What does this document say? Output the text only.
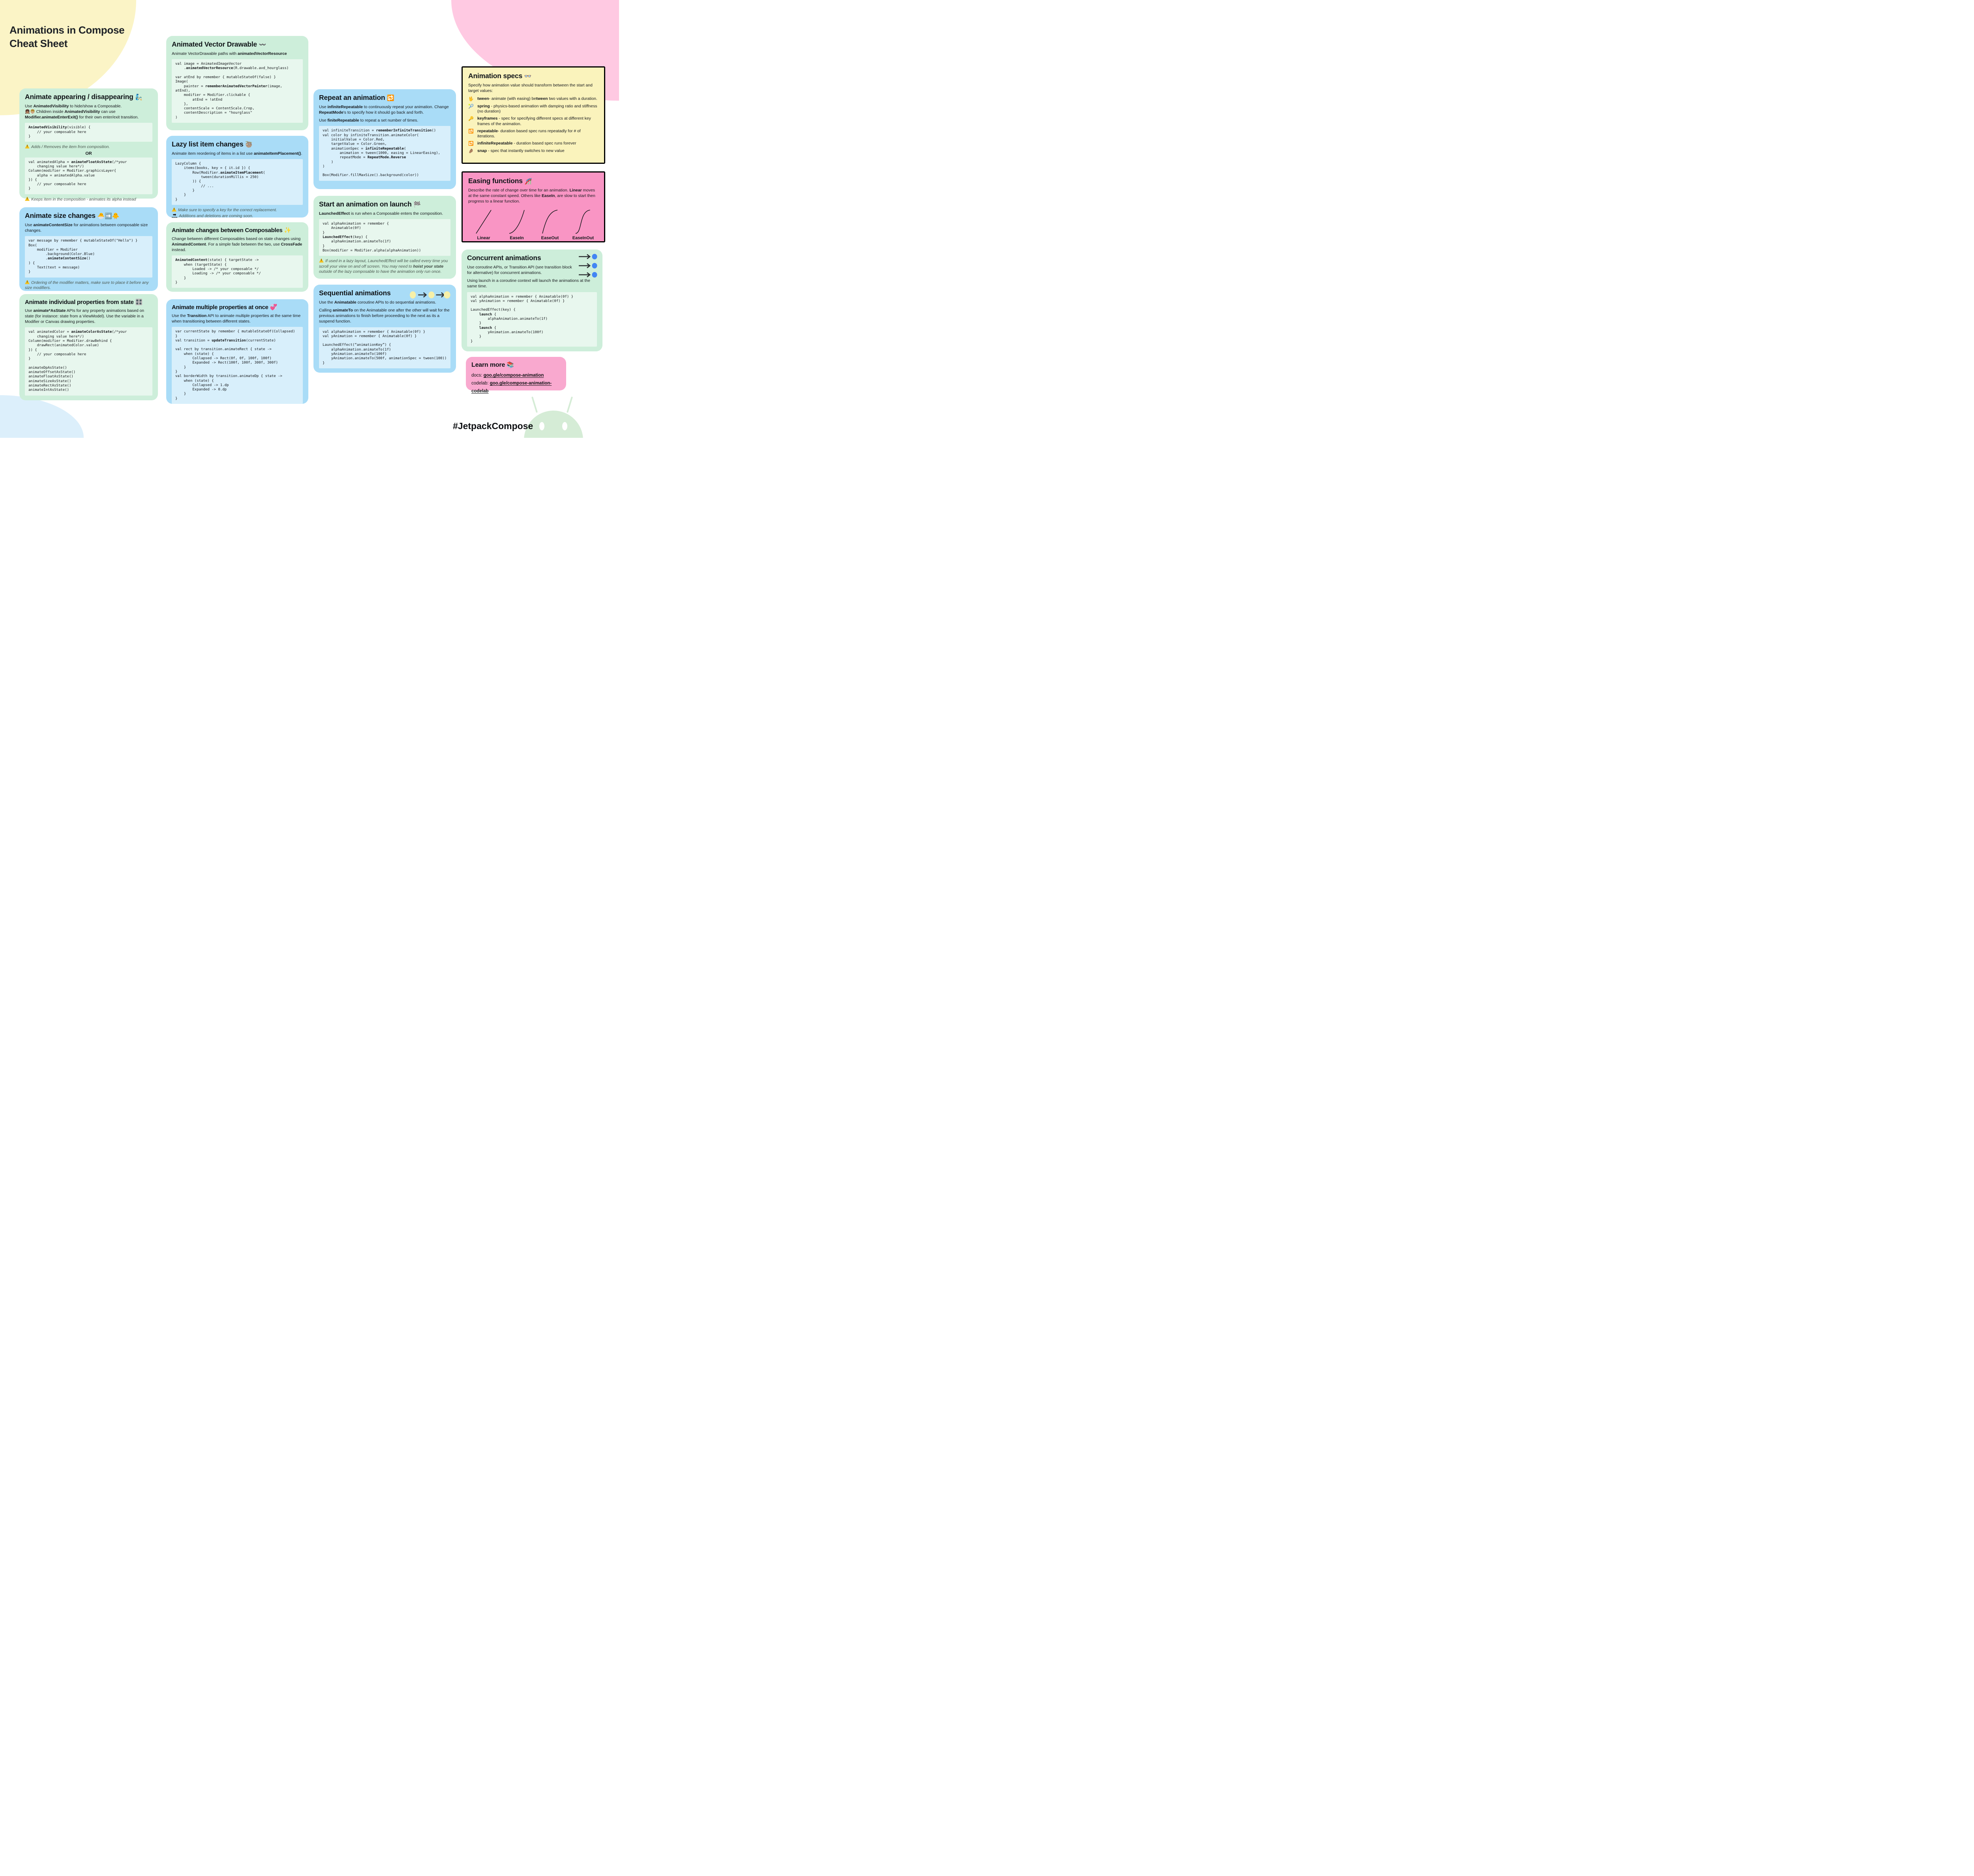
Animations in Compose Cheat Sheet
Animate appearing / disappearing 🧞
Use AnimatedVisibility to hide/show a Composable.
👧🏽👦🏼 Children inside AnimatedVisibility can use Modifier.animateEnterExit() for their own enter/exit transition.
AnimatedVisibility(visible) {
// your composable here
}
!Adds / Removes the item from composition.
OR
val animatedAlpha = animateFloatAsState(/*your
changing value here*/)
Column(modifier = Modifier.graphicsLayer{
alpha = animatedAlpha.value
}) {
// your composable here
}
!Keeps item in the composition - animates its alpha instead
Animate size changes 🐣➡️🐥
Use animateContentSize for animations between composable size changes.
var message by remember { mutableStateOf("Hello") }
Box(
modifier = Modifier
.background(Color.Blue)
.animateContentSize()
) {
Text(text = message)
}
!Ordering of the modifier matters, make sure to place it before any size modifiers.
Animate individual properties from state 🎛️
Use animate*AsState APIs for any property animations based on state (for instance: state from a ViewModel). Use the variable in a Modifier or Canvas drawing properties.
val animatedColor = animateColorAsState(/*your
changing value here*/)
Column(modifier = Modifier.drawBehind {
drawRect(animatedColor.value)
}) {
// your composable here
}

animateDpAsState()
animateOffsetAsState()
animateFloatAsState()
animateSizeAsState()
animateRectAsState()
animateIntAsState()
Animated Vector Drawable 〰️
Animate VectorDrawable paths with animatedVectorResource
val image = AnimatedImageVector
.animatedVectorResource(R.drawable.avd_hourglass)

var atEnd by remember { mutableStateOf(false) }
Image(
painter = rememberAnimatedVectorPainter(image, atEnd),
modifier = Modifier.clickable {
atEnd = !atEnd
},
contentScale = ContentScale.Crop,
contentDescription = "hourglass"
)
Lazy list item changes 🦥
Animate item reordering of items in a list use animateItemPlacement().
LazyColumn {
items(books, key = { it.id }) {
Row(Modifier.animateItemPlacement(
tween(durationMillis = 250)
)) {
// ...
}
}
}
!Make sure to specify a key for the correct replacement.
➡
SOON Additions and deletions are coming soon.
Animate changes between Composables ✨
Change between different Composables based on state changes using AnimatedContent. For a simple fade between the two, use CrossFade instead.
AnimatedContent(state) { targetState ->
when (targetState) {
Loaded -> /* your composable */
Loading -> /* your composable */
}
}
Animate multiple properties at once 💞
Use the Transition API to animate multiple properties at the same time when transitioning between different states.
var currentState by remember { mutableStateOf(Collapsed) }
val transition = updateTransition(currentState)

val rect by transition.animateRect { state ->
when (state) {
Collapsed -> Rect(0f, 0f, 100f, 100f)
Expanded -> Rect(100f, 100f, 300f, 300f)
}
}
val borderWidth by transition.animateDp { state ->
when (state) {
Collapsed -> 1.dp
Expanded -> 0.dp
}
}
Repeat an animation 🔁
Use infiniteRepeatable to continuously repeat your animation. Change RepeatMode's to specify how it should go back and forth.
Use finiteRepeatable to repeat a set number of times.
val infiniteTransition = rememberInfiniteTransition()
val color by infiniteTransition.animateColor(
initialValue = Color.Red,
targetValue = Color.Green,
animationSpec = infiniteRepeatable(
animation = tween(1000, easing = LinearEasing),
repeatMode = RepeatMode.Reverse
)
)

Box(Modifier.fillMaxSize().background(color))
Start an animation on launch 🏁
LaunchedEffect is run when a Composable enters the composition.
val alphaAnimation = remember {
Animatable(0f)
}
LaunchedEffect(key) {
alphaAnimation.animateTo(1f)
}
Box(modifier = Modifier.alpha(alphaAnimation))
!If used in a lazy layout, LaunchedEffect will be called every time you scroll your view on and off screen. You may need to hoist your state outside of the lazy composable to have the animation only run once.
Sequential animations
Use the Animatable coroutine APIs to do sequential animations.
Calling animateTo on the Animatable one after the other will wait for the previous animations to finish before proceeding to the next as its a suspend function.
val alphaAnimation = remember { Animatable(0f) }
val yAnimation = remember { Animatable(0f) }

LaunchedEffect(“animationKey”) {
alphaAnimation.animateTo(1f)
yAnimation.animateTo(100f)
yAnimation.animateTo(500f, animationSpec = tween(100))
}
Animation specs 👓
Specify how animation value should transform between the start and target values:
🖖 tween- animate (with easing) between two values with a duration.
🎾 spring - physics-based animation with damping ratio and stiffness (no duration)
🔑 keyframes - spec for specifying different specs at different key frames of the animation.
🔂 repeatable- duration based spec runs repeatadly for # of iterations.
🔁 infiniteRepeatable - duration based spec runs forever
🤌🏽 snap - spec that instantly switches to new value
Easing functions 🎢
Describe the rate of change over time for an animation. Linear moves at the same constant speed. Others like EaseIn, are slow to start then progress to a linear function.
Linear	EaseIn	EaseOut	EaseInOut
Concurrent animations
Use coroutine APIs, or Transition API (see transition block for alternative) for concurrent animations.
Using launch in a coroutine context will launch the animations at the same time.
val alphaAnimation = remember { Animatable(0f) }
val yAnimation = remember { Animatable(0f) }

LaunchedEffect(key) {
launch {
alphaAnimation.animateTo(1f)
}
launch {
yAnimation.animateTo(100f)
}
}
Learn more 📚
docs: goo.gle/compose-animation
codelab: goo.gle/compose-animation-codelab
#JetpackCompose
